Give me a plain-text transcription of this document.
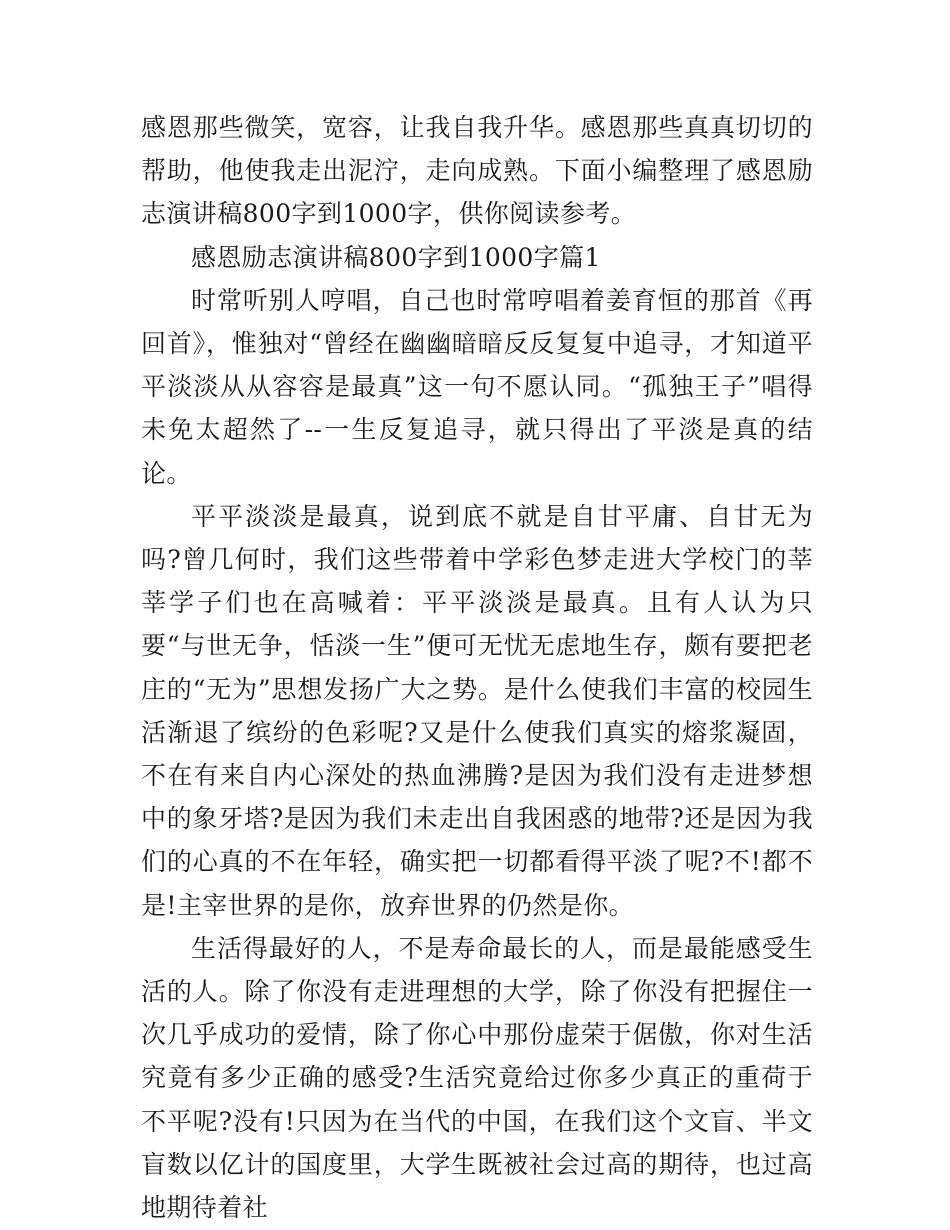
感恩那些微笑，宽容，让我自我升华。感恩那些真真切切的帮助，他使我走出泥泞，走向成熟。下面小编整理了感恩励志演讲稿800字到1000字，供你阅读参考。

感恩励志演讲稿800字到1000字篇1

时常听别人哼唱，自己也时常哼唱着姜育恒的那首《再回首》，惟独对“曾经在幽幽暗暗反反复复中追寻，才知道平平淡淡从从容容是最真”这一句不愿认同。“孤独王子”唱得未免太超然了--一生反复追寻，就只得出了平淡是真的结论。

平平淡淡是最真，说到底不就是自甘平庸、自甘无为吗?曾几何时，我们这些带着中学彩色梦走进大学校门的莘莘学子们也在高喊着：平平淡淡是最真。且有人认为只要“与世无争，恬淡一生”便可无忧无虑地生存，颇有要把老庄的“无为”思想发扬广大之势。是什么使我们丰富的校园生活渐退了缤纷的色彩呢?又是什么使我们真实的熔浆凝固，不在有来自内心深处的热血沸腾?是因为我们没有走进梦想中的象牙塔?是因为我们未走出自我困惑的地带?还是因为我们的心真的不在年轻，确实把一切都看得平淡了呢?不!都不是!主宰世界的是你，放弃世界的仍然是你。

生活得最好的人，不是寿命最长的人，而是最能感受生活的人。除了你没有走进理想的大学，除了你没有把握住一次几乎成功的爱情，除了你心中那份虚荣于倨傲，你对生活究竟有多少正确的感受?生活究竟给过你多少真正的重荷于不平呢?没有!只因为在当代的中国，在我们这个文盲、半文盲数以亿计的国度里，大学生既被社会过高的期待，也过高地期待着社
